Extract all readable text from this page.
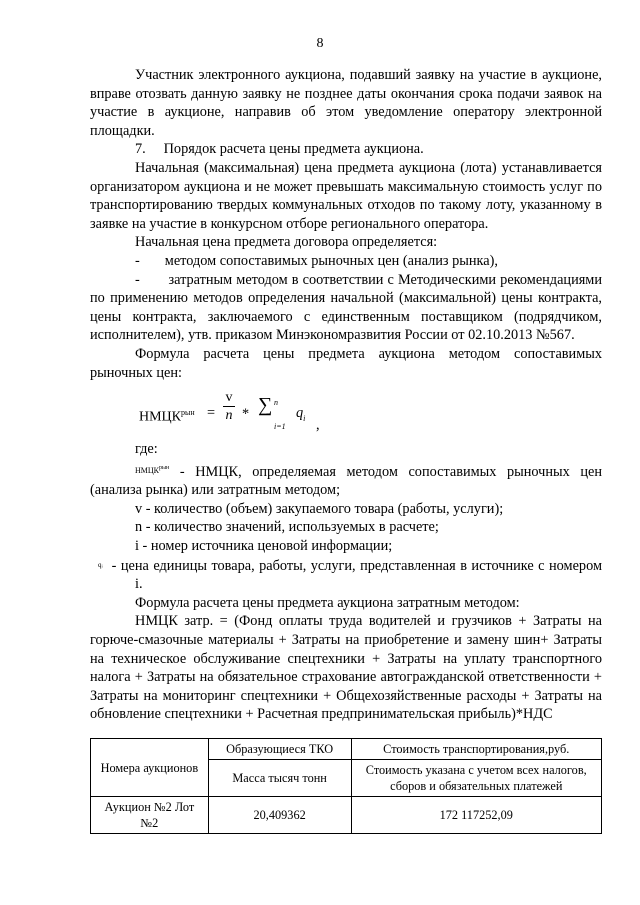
8

Участник электронного аукциона, подавший заявку на участие в аукционе, вправе отозвать данную заявку не позднее даты окончания срока подачи заявок на участие в аукционе, направив об этом уведомление оператору электронной площадки.

7.     Порядок расчета цены предмета аукциона.

Начальная (максимальная) цена предмета аукциона (лота) устанавливается организатором аукциона и не может превышать максимальную стоимость услуг по транспортированию твердых коммунальных отходов по такому лоту, указанному в заявке на участие в конкурсном отборе регионального оператора.

Начальная цена предмета договора определяется:

-       методом сопоставимых рыночных цен (анализ рынка),

-       затратным методом в соответствии с Методическими рекомендациями по применению методов определения начальной (максимальной) цены контракта, цены контракта, заключаемого с единственным поставщиком (подрядчиком, исполнителем), утв. приказом Минэкономразвития России от 02.10.2013 №567.

Формула расчета цены предмета аукциона методом сопоставимых рыночных цен:

$НМЦК^{рын} = \frac{v}{n}$ * ∑ n
i=1
$q_i$ ,

где:

$^{НМЦКрын}$ - НМЦК, определяемая методом сопоставимых рыночных цен (анализа рынка) или затратным методом;

v - количество (объем) закупаемого товара (работы, услуги);

n - количество значений, используемых в расчете;

i - номер источника ценовой информации;

$^{qᵢ}$ - цена единицы товара, работы, услуги, представленная в источнике с номером i.

Формула расчета цены предмета аукциона затратным методом:

НМЦК затр. = (Фонд оплаты труда водителей и грузчиков + Затраты на горюче-смазочные материалы + Затраты на приобретение и замену шин+ Затраты на техническое обслуживание спецтехники + Затраты на уплату транспортного налога + Затраты на обязательное страхование автогражданской ответственности + Затраты на мониторинг спецтехники + Общехозяйственные расходы + Затраты на обновление спецтехники + Расчетная предпринимательская прибыль)*НДС

Номера аукционов	Образующиеся ТКО	Стоимость транспортирования,руб.
	Масса тысяч тонн	Стоимость указана с учетом всех налогов, сборов и обязательных платежей
Аукцион №2 Лот №2	20,409362	172 117252,09
